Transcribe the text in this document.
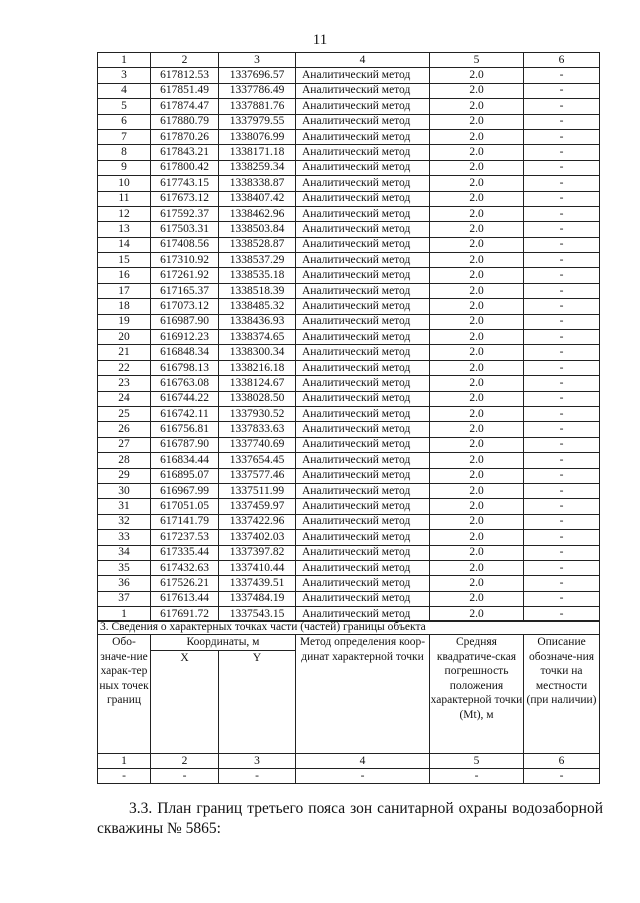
11
1	2	3	4	5	6
3	617812.53	1337696.57	Аналитический метод	2.0	-
4	617851.49	1337786.49	Аналитический метод	2.0	-
5	617874.47	1337881.76	Аналитический метод	2.0	-
6	617880.79	1337979.55	Аналитический метод	2.0	-
7	617870.26	1338076.99	Аналитический метод	2.0	-
8	617843.21	1338171.18	Аналитический метод	2.0	-
9	617800.42	1338259.34	Аналитический метод	2.0	-
10	617743.15	1338338.87	Аналитический метод	2.0	-
11	617673.12	1338407.42	Аналитический метод	2.0	-
12	617592.37	1338462.96	Аналитический метод	2.0	-
13	617503.31	1338503.84	Аналитический метод	2.0	-
14	617408.56	1338528.87	Аналитический метод	2.0	-
15	617310.92	1338537.29	Аналитический метод	2.0	-
16	617261.92	1338535.18	Аналитический метод	2.0	-
17	617165.37	1338518.39	Аналитический метод	2.0	-
18	617073.12	1338485.32	Аналитический метод	2.0	-
19	616987.90	1338436.93	Аналитический метод	2.0	-
20	616912.23	1338374.65	Аналитический метод	2.0	-
21	616848.34	1338300.34	Аналитический метод	2.0	-
22	616798.13	1338216.18	Аналитический метод	2.0	-
23	616763.08	1338124.67	Аналитический метод	2.0	-
24	616744.22	1338028.50	Аналитический метод	2.0	-
25	616742.11	1337930.52	Аналитический метод	2.0	-
26	616756.81	1337833.63	Аналитический метод	2.0	-
27	616787.90	1337740.69	Аналитический метод	2.0	-
28	616834.44	1337654.45	Аналитический метод	2.0	-
29	616895.07	1337577.46	Аналитический метод	2.0	-
30	616967.99	1337511.99	Аналитический метод	2.0	-
31	617051.05	1337459.97	Аналитический метод	2.0	-
32	617141.79	1337422.96	Аналитический метод	2.0	-
33	617237.53	1337402.03	Аналитический метод	2.0	-
34	617335.44	1337397.82	Аналитический метод	2.0	-
35	617432.63	1337410.44	Аналитический метод	2.0	-
36	617526.21	1337439.51	Аналитический метод	2.0	-
37	617613.44	1337484.19	Аналитический метод	2.0	-
1	617691.72	1337543.15	Аналитический метод	2.0	-
3. Сведения о характерных точках части (частей) границы объекта					
Обо-значе-ние харак-тер ных точек границ	Координаты, м		Метод определения коор-динат характерной точки	Средняя квадратиче-ская погрешность положения характерной точки (Mt), м	Описание обозначе-ния точки на местности (при наличии)
	X	Y			
1	2	3	4	5	6
-	-	-	-	-	-
3.3. План границ третьего пояса зон санитарной охраны водозаборной скважины № 5865:
